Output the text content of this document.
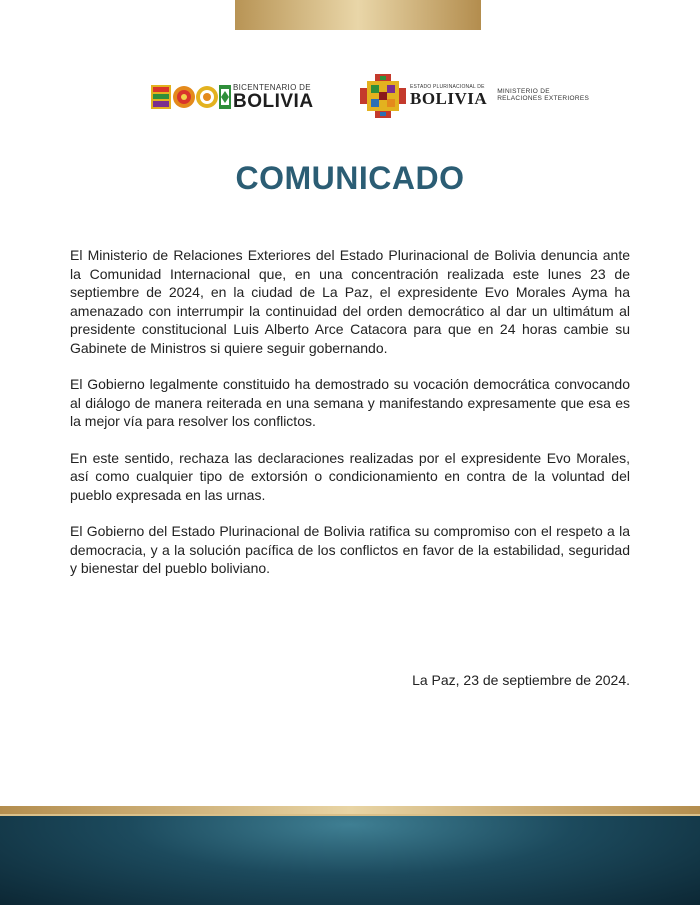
BICENTENARIO DE
BOLIVIA
ESTADO PLURINACIONAL DE
BOLIVIA MINISTERIO DE
RELACIONES EXTERIORES
COMUNICADO

El Ministerio de Relaciones Exteriores del Estado Plurinacional de Bolivia denuncia ante la Comunidad Internacional que, en una concentración realizada este lunes 23 de septiembre de 2024, en la ciudad de La Paz, el expresidente Evo Morales Ayma ha amenazado con interrumpir la continuidad del orden democrático al dar un ultimátum al presidente constitucional Luis Alberto Arce Catacora para que en 24 horas cambie su Gabinete de Ministros si quiere seguir gobernando.

El Gobierno legalmente constituido ha demostrado su vocación democrática convocando al diálogo de manera reiterada en una semana y manifestando expresamente que esa es la mejor vía para resolver los conflictos.

En este sentido, rechaza las declaraciones realizadas por el expresidente Evo Morales, así como cualquier tipo de extorsión o condicionamiento en contra de la voluntad del pueblo expresada en las urnas.

El Gobierno del Estado Plurinacional de Bolivia ratifica su compromiso con el respeto a la democracia, y a la solución pacífica de los conflictos en favor de la estabilidad, seguridad y bienestar del pueblo boliviano.

La Paz, 23 de septiembre de 2024.
